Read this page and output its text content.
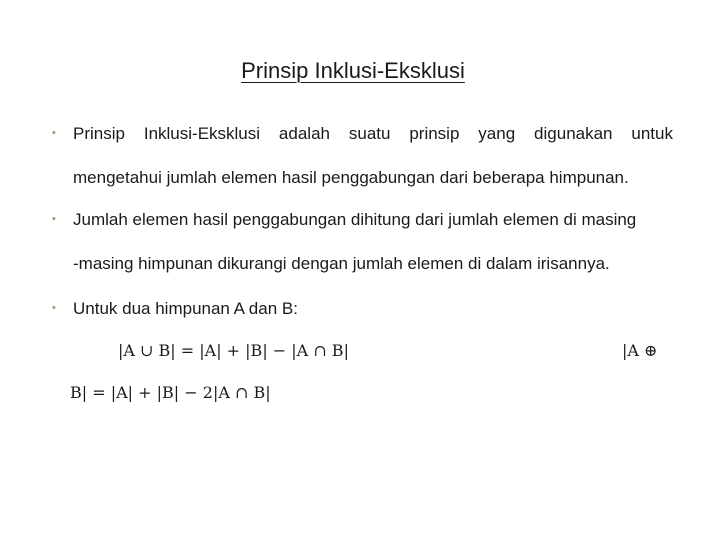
Prinsip Inklusi-Eksklusi
• Prinsip Inklusi-Eksklusi adalah suatu prinsip yang digunakan untuk
mengetahui jumlah elemen hasil penggabungan dari beberapa himpunan.
• Jumlah elemen hasil penggabungan dihitung dari jumlah elemen di masing
-masing himpunan dikurangi dengan jumlah elemen di dalam irisannya.
• Untuk dua himpunan A dan B:
|A ∪ B| = |A| + |B| − |A ∩ B|	|A ⊕
B| = |A| + |B| − 2|A ∩ B|
